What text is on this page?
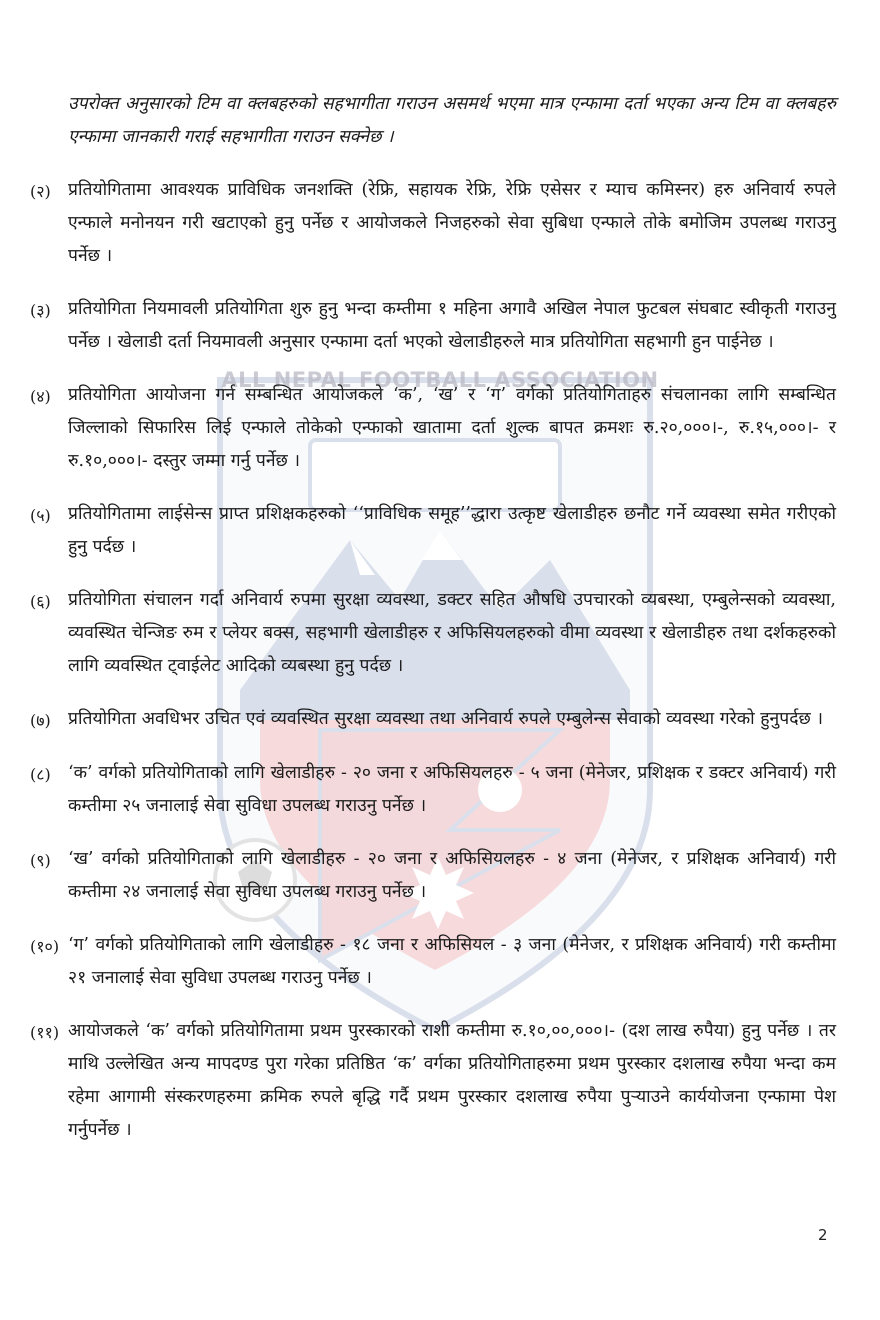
ALL NEPAL FOOTBALL ASSOCIATION
उपरोक्त अनुसारको टिम वा क्लबहरुको सहभागीता गराउन असमर्थ भएमा मात्र एन्फामा दर्ता भएका अन्य टिम वा क्लबहरु एन्फामा जानकारी गराई सहभागीता गराउन सक्नेछ ।
(२) प्रतियोगितामा आवश्यक प्राविधिक जनशक्ति (रेफ्रि, सहायक रेफ्रि, रेफ्रि एसेसर र म्याच कमिस्नर) हरु अनिवार्य रुपले एन्फाले मनोनयन गरी खटाएको हुनु पर्नेछ र आयोजकले निजहरुको सेवा सुबिधा एन्फाले तोके बमोजिम उपलब्ध गराउनु पर्नेछ ।
(३) प्रतियोगिता नियमावली प्रतियोगिता शुरु हुनु भन्दा कम्तीमा १ महिना अगावै अखिल नेपाल फुटबल संघबाट स्वीकृती गराउनु पर्नेछ । खेलाडी दर्ता नियमावली अनुसार एन्फामा दर्ता भएको खेलाडीहरुले मात्र प्रतियोगिता सहभागी हुन पाईनेछ ।
(४) प्रतियोगिता आयोजना गर्न सम्बन्धित आयोजकले ‘क’, ‘ख’ र ‘ग’ वर्गको प्रतियोगिताहरु संचलानका लागि सम्बन्धित जिल्लाको सिफारिस लिई एन्फाले तोकेको एन्फाको खातामा दर्ता शुल्क बापत क्रमशः रु.२०,०००।-, रु.१५,०००।- र रु.१०,०००।- दस्तुर जम्मा गर्नु पर्नेछ ।
(५) प्रतियोगितामा लाईसेन्स प्राप्त प्रशिक्षकहरुको ‘‘प्राविधिक समूह’’द्धारा उत्कृष्ट खेलाडीहरु छनौट गर्ने व्यवस्था समेत गरीएको हुनु पर्दछ ।
(६) प्रतियोगिता संचालन गर्दा अनिवार्य रुपमा सुरक्षा व्यवस्था, डक्टर सहित औषधि उपचारको व्यबस्था, एम्बुलेन्सको व्यवस्था, व्यवस्थित चेन्जिङ रुम र प्लेयर बक्स, सहभागी खेलाडीहरु र अफिसियलहरुको वीमा व्यवस्था र खेलाडीहरु तथा दर्शकहरुको लागि व्यवस्थित ट्वाईलेट आदिको व्यबस्था हुनु पर्दछ ।
(७) प्रतियोगिता अवधिभर उचित एवं व्यवस्थित सुरक्षा व्यवस्था तथा अनिवार्य रुपले एम्बुलेन्स सेवाको व्यवस्था गरेको हुनुपर्दछ ।
(८) ‘क’ वर्गको प्रतियोगिताको लागि खेलाडीहरु - २० जना र अफिसियलहरु - ५ जना (मेनेजर, प्रशिक्षक र डक्टर अनिवार्य) गरी कम्तीमा २५ जनालाई सेवा सुविधा उपलब्ध गराउनु पर्नेछ ।
(९) ‘ख’ वर्गको प्रतियोगिताको लागि खेलाडीहरु - २० जना र अफिसियलहरु - ४ जना (मेनेजर, र प्रशिक्षक अनिवार्य) गरी कम्तीमा २४ जनालाई सेवा सुविधा उपलब्ध गराउनु पर्नेछ ।
(१०) ‘ग’ वर्गको प्रतियोगिताको लागि खेलाडीहरु - १८ जना र अफिसियल - ३ जना (मेनेजर, र प्रशिक्षक अनिवार्य) गरी कम्तीमा २१ जनालाई सेवा सुविधा उपलब्ध गराउनु पर्नेछ ।
(११) आयोजकले ‘क’ वर्गको प्रतियोगितामा प्रथम पुरस्कारको राशी कम्तीमा रु.१०,००,०००।- (दश लाख रुपैया) हुनु पर्नेछ । तर माथि उल्लेखित अन्य मापदण्ड पुरा गरेका प्रतिष्ठित ‘क’ वर्गका प्रतियोगिताहरुमा प्रथम पुरस्कार दशलाख रुपैया भन्दा कम रहेमा आगामी संस्करणहरुमा क्रमिक रुपले बृद्धि गर्दै प्रथम पुरस्कार दशलाख रुपैया पुर्‍याउने कार्ययोजना एन्फामा पेश गर्नुपर्नेछ ।
2
